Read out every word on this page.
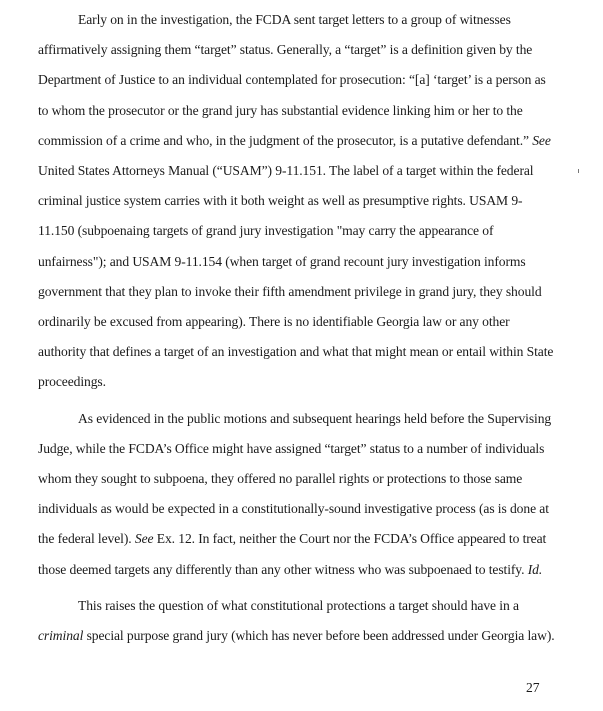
Early on in the investigation, the FCDA sent target letters to a group of witnesses
affirmatively assigning them “target” status. Generally, a “target” is a definition given by the
Department of Justice to an individual contemplated for prosecution: “[a] ‘target’ is a person as
to whom the prosecutor or the grand jury has substantial evidence linking him or her to the
commission of a crime and who, in the judgment of the prosecutor, is a putative defendant.” See
United States Attorneys Manual (“USAM”) 9-11.151. The label of a target within the federal
criminal justice system carries with it both weight as well as presumptive rights. USAM 9-
11.150 (subpoenaing targets of grand jury investigation "may carry the appearance of
unfairness"); and USAM 9-11.154 (when target of grand recount jury investigation informs
government that they plan to invoke their fifth amendment privilege in grand jury, they should
ordinarily be excused from appearing). There is no identifiable Georgia law or any other
authority that defines a target of an investigation and what that might mean or entail within State
proceedings.

As evidenced in the public motions and subsequent hearings held before the Supervising
Judge, while the FCDA’s Office might have assigned “target” status to a number of individuals
whom they sought to subpoena, they offered no parallel rights or protections to those same
individuals as would be expected in a constitutionally-sound investigative process (as is done at
the federal level). See Ex. 12. In fact, neither the Court nor the FCDA’s Office appeared to treat
those deemed targets any differently than any other witness who was subpoenaed to testify. Id.

This raises the question of what constitutional protections a target should have in a
criminal special purpose grand jury (which has never before been addressed under Georgia law).

27
